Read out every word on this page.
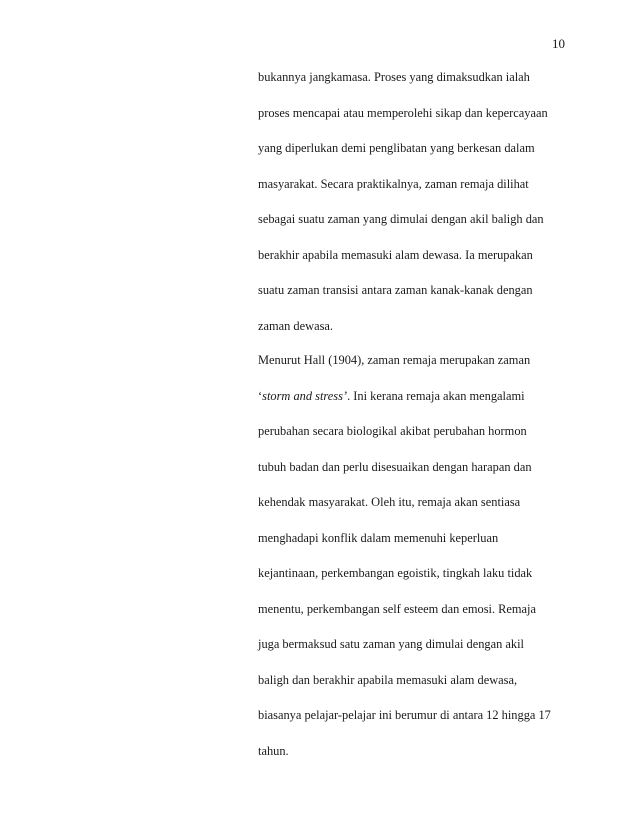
10
bukannya jangkamasa. Proses yang dimaksudkan ialah
proses mencapai atau memperolehi sikap dan kepercayaan
yang diperlukan demi penglibatan yang berkesan dalam
masyarakat. Secara praktikalnya, zaman remaja dilihat
sebagai suatu zaman yang dimulai dengan akil baligh dan
berakhir apabila memasuki alam dewasa. Ia merupakan
suatu zaman transisi antara zaman kanak-kanak dengan
zaman dewasa.
Menurut Hall (1904), zaman remaja merupakan zaman
‘storm and stress’. Ini kerana remaja akan mengalami
perubahan secara biologikal akibat perubahan hormon
tubuh badan dan perlu disesuaikan dengan harapan dan
kehendak masyarakat. Oleh itu, remaja akan sentiasa
menghadapi konflik dalam memenuhi keperluan
kejantinaan, perkembangan egoistik, tingkah laku tidak
menentu, perkembangan self esteem dan emosi. Remaja
juga bermaksud satu zaman yang dimulai dengan akil
baligh dan berakhir apabila memasuki alam dewasa,
biasanya pelajar-pelajar ini berumur di antara 12 hingga 17
tahun.
